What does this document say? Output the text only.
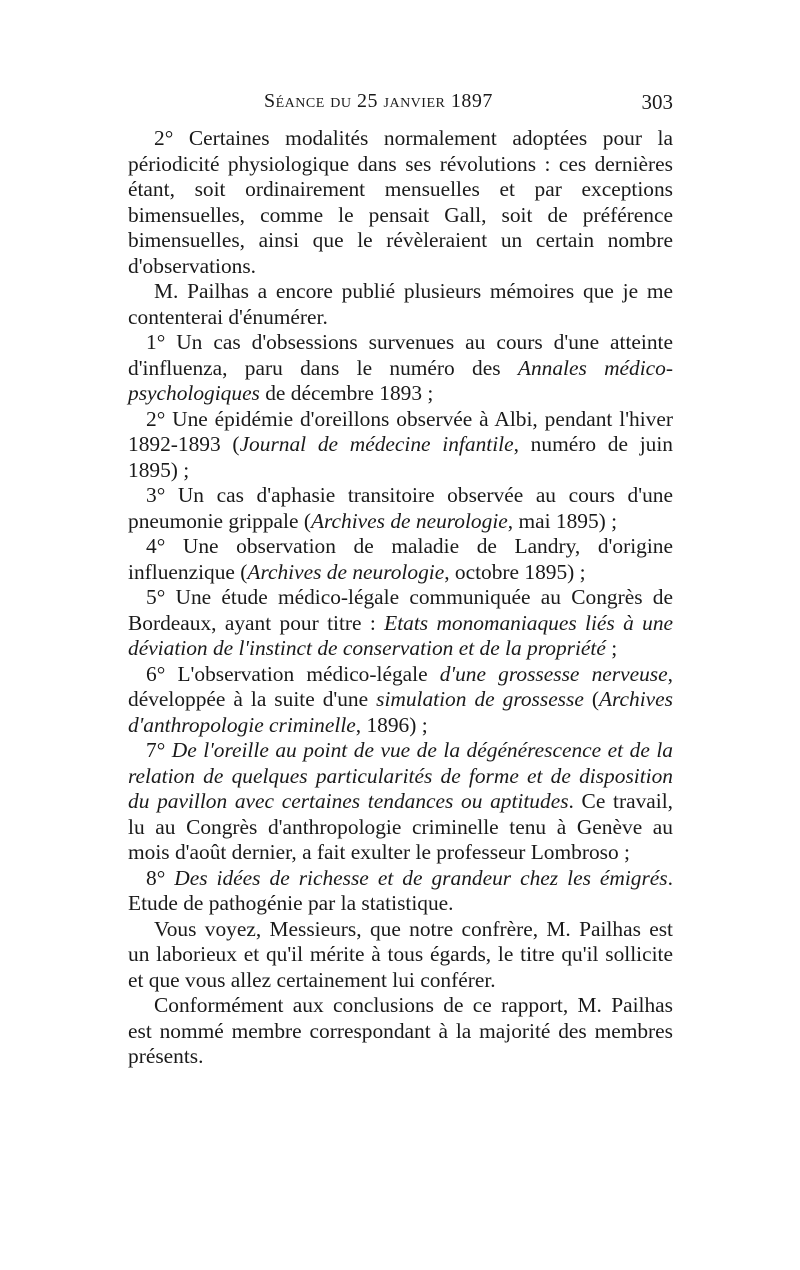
Séance du 25 janvier 1897	303

2° Certaines modalités normalement adoptées pour la périodicité physiologique dans ses révolutions : ces dernières étant, soit ordinairement mensuelles et par exceptions bimensuelles, comme le pensait Gall, soit de préférence bimensuelles, ainsi que le révèleraient un certain nombre d'observations.

M. Pailhas a encore publié plusieurs mémoires que je me contenterai d'énumérer.

1° Un cas d'obsessions survenues au cours d'une atteinte d'influenza, paru dans le numéro des Annales médico-psychologiques de décembre 1893 ;

2° Une épidémie d'oreillons observée à Albi, pendant l'hiver 1892-1893 (Journal de médecine infantile, numéro de juin 1895) ;

3° Un cas d'aphasie transitoire observée au cours d'une pneumonie grippale (Archives de neurologie, mai 1895) ;

4° Une observation de maladie de Landry, d'origine influenzique (Archives de neurologie, octobre 1895) ;

5° Une étude médico-légale communiquée au Congrès de Bordeaux, ayant pour titre : Etats monomaniaques liés à une déviation de l'instinct de conservation et de la propriété ;

6° L'observation médico-légale d'une grossesse nerveuse, développée à la suite d'une simulation de grossesse (Archives d'anthropologie criminelle, 1896) ;

7° De l'oreille au point de vue de la dégénérescence et de la relation de quelques particularités de forme et de disposition du pavillon avec certaines tendances ou aptitudes. Ce travail, lu au Congrès d'anthropologie criminelle tenu à Genève au mois d'août dernier, a fait exulter le professeur Lombroso ;

8° Des idées de richesse et de grandeur chez les émigrés. Etude de pathogénie par la statistique.

Vous voyez, Messieurs, que notre confrère, M. Pailhas est un laborieux et qu'il mérite à tous égards, le titre qu'il sollicite et que vous allez certainement lui conférer.

Conformément aux conclusions de ce rapport, M. Pailhas est nommé membre correspondant à la majorité des membres présents.
